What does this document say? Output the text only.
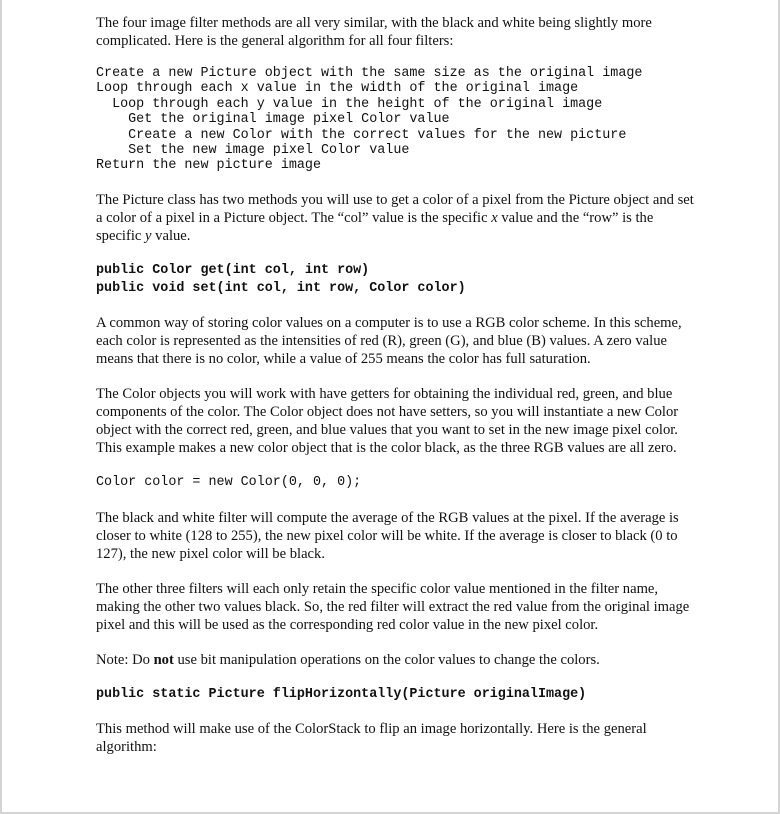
The four image filter methods are all very similar, with the black and white being slightly more complicated. Here is the general algorithm for all four filters:

Create a new Picture object with the same size as the original image
Loop through each x value in the width of the original image
Loop through each y value in the height of the original image
Get the original image pixel Color value
Create a new Color with the correct values for the new picture
Set the new image pixel Color value
Return the new picture image

The Picture class has two methods you will use to get a color of a pixel from the Picture object and set a color of a pixel in a Picture object. The “col” value is the specific x value and the “row” is the specific y value.

public Color get(int col, int row)
public void set(int col, int row, Color color)

A common way of storing color values on a computer is to use a RGB color scheme. In this scheme, each color is represented as the intensities of red (R), green (G), and blue (B) values. A zero value means that there is no color, while a value of 255 means the color has full saturation.

The Color objects you will work with have getters for obtaining the individual red, green, and blue components of the color. The Color object does not have setters, so you will instantiate a new Color object with the correct red, green, and blue values that you want to set in the new image pixel color. This example makes a new color object that is the color black, as the three RGB values are all zero.

Color color = new Color(0, 0, 0);

The black and white filter will compute the average of the RGB values at the pixel. If the average is closer to white (128 to 255), the new pixel color will be white. If the average is closer to black (0 to 127), the new pixel color will be black.

The other three filters will each only retain the specific color value mentioned in the filter name, making the other two values black. So, the red filter will extract the red value from the original image pixel and this will be used as the corresponding red color value in the new pixel color.

Note: Do not use bit manipulation operations on the color values to change the colors.

public static Picture flipHorizontally(Picture originalImage)

This method will make use of the ColorStack to flip an image horizontally. Here is the general algorithm:
